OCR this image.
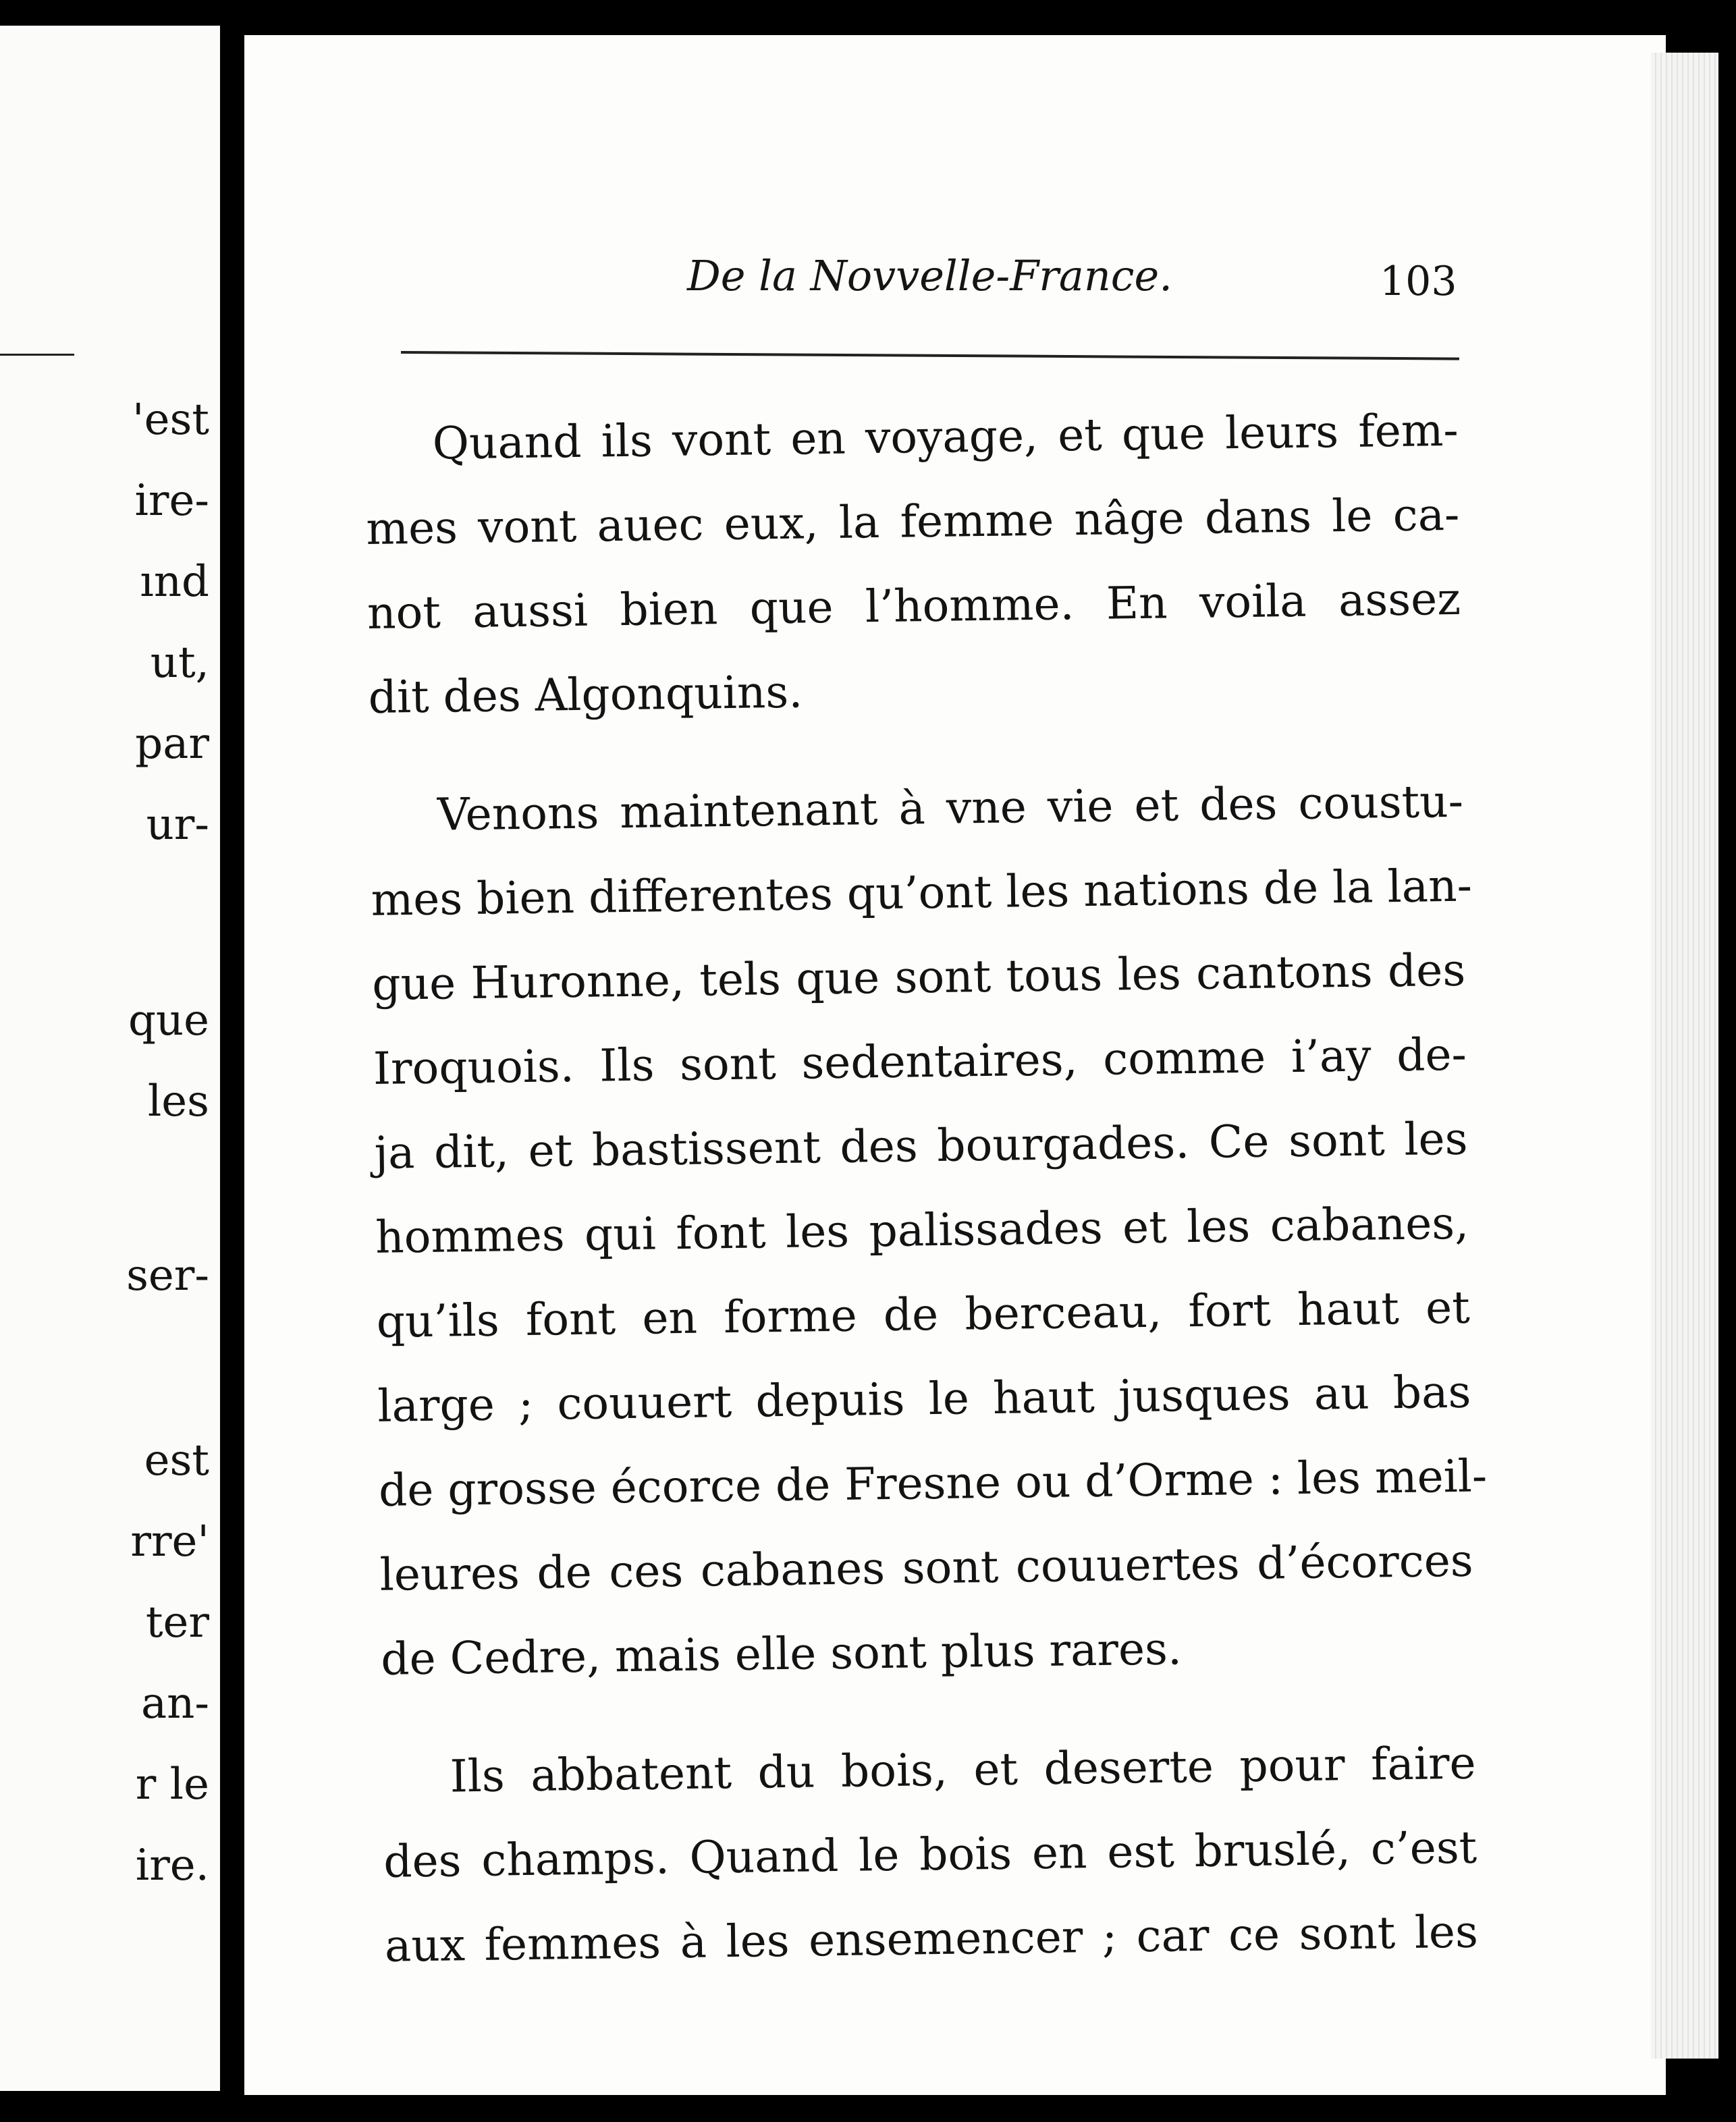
'est
ire-
ınd
ut,
par
ur-
que
les
ser-
est
rre'
ter
an-
r le
ire.
De la Novvelle-France.	103
Quand ils vont en voyage, et que leurs fem-
mes vont auec eux, la femme nâge dans le ca-
not aussi bien que l’homme. En voila assez
dit des Algonquins.
Venons maintenant à vne vie et des coustu-
mes bien differentes qu’ont les nations de la lan-
gue Huronne, tels que sont tous les cantons des
Iroquois. Ils sont sedentaires, comme i’ay de-
ja dit, et bastissent des bourgades. Ce sont les
hommes qui font les palissades et les cabanes,
qu’ils font en forme de berceau, fort haut et
large ; couuert depuis le haut jusques au bas
de grosse écorce de Fresne ou d’Orme : les meil-
leures de ces cabanes sont couuertes d’écorces
de Cedre, mais elle sont plus rares.
Ils abbatent du bois, et deserte pour faire
des champs. Quand le bois en est bruslé, c’est
aux femmes à les ensemencer ; car ce sont les
